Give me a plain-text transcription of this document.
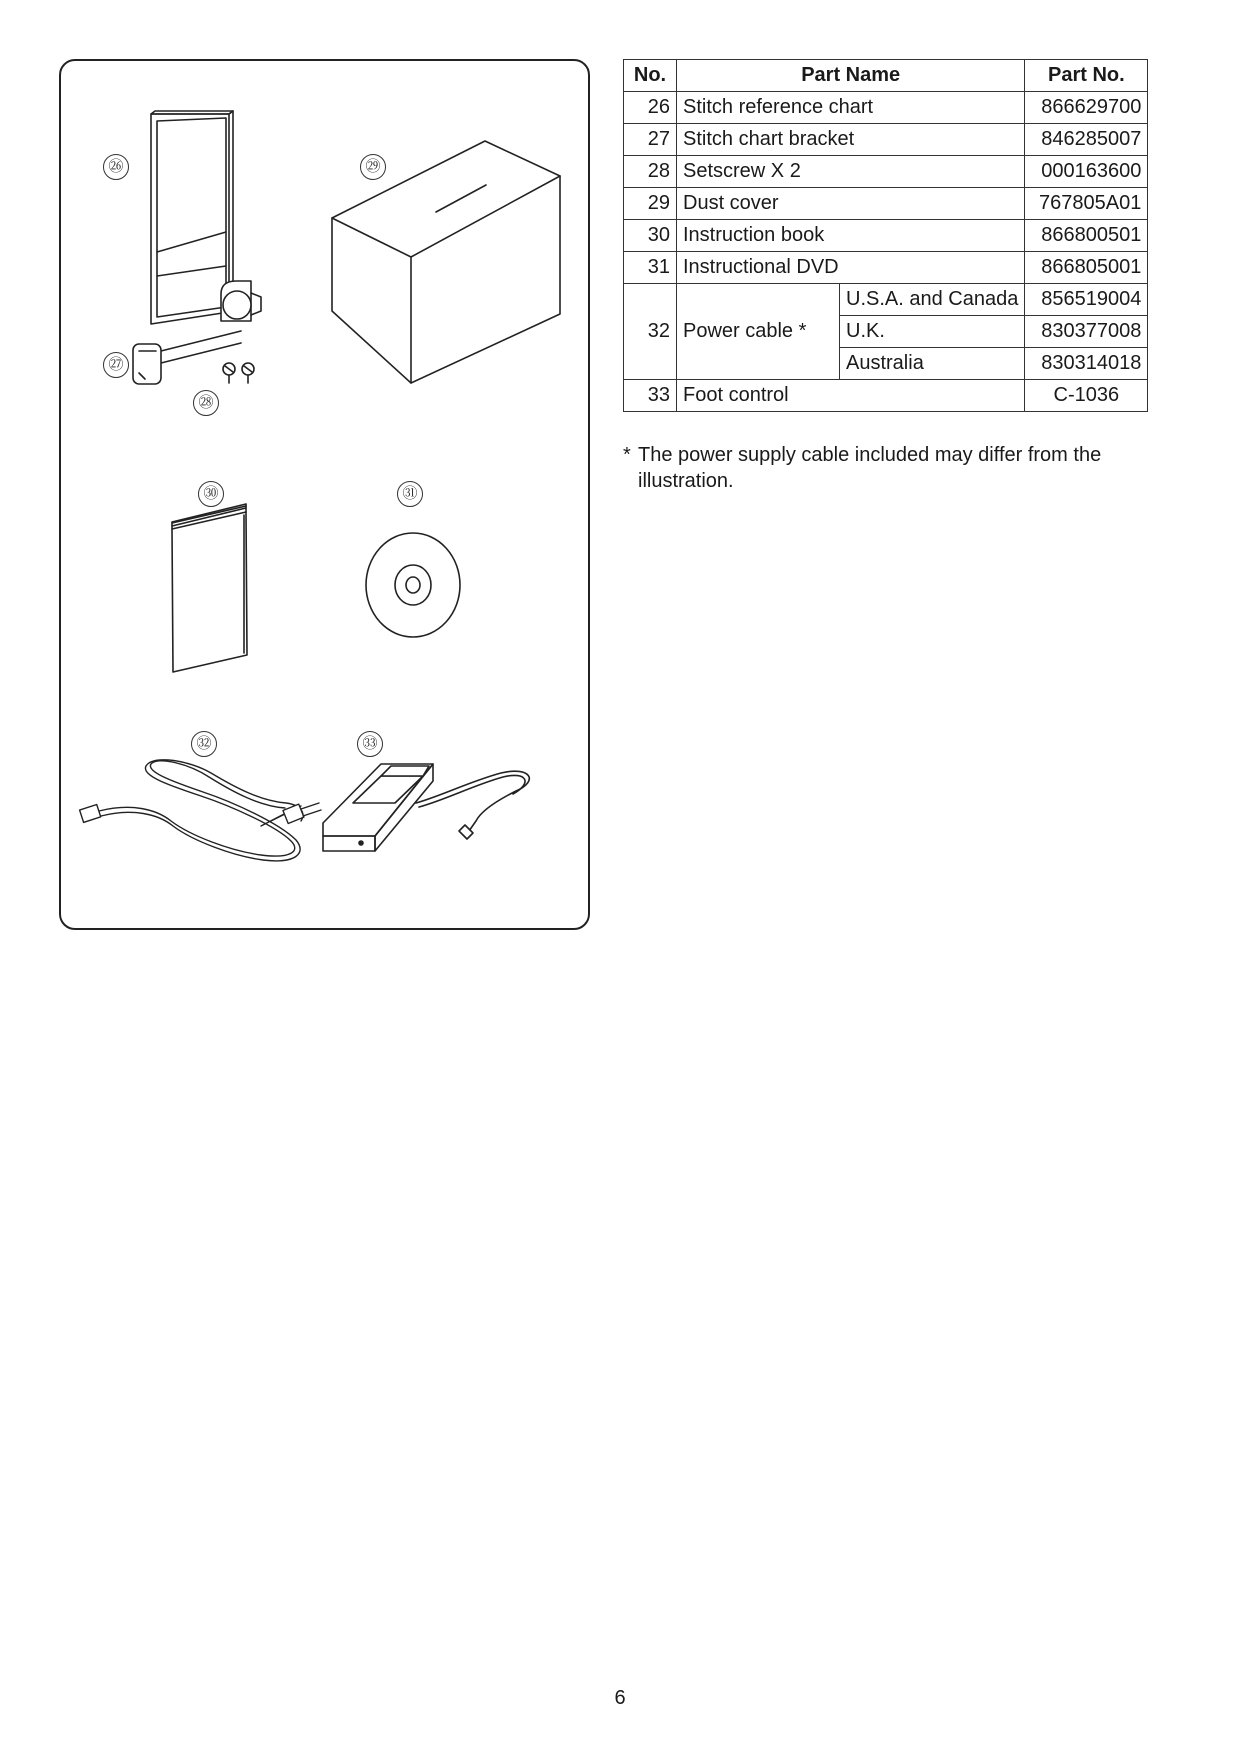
㉖
㉗
㉘
㉙
㉚	㉛
㉜	㉝
No.	Part Name		Part No.
26	Stitch reference chart		866629700
27	Stitch chart bracket		846285007
28	Setscrew X 2		000163600
29	Dust cover		767805A01
30	Instruction book		866800501
31	Instructional DVD		866805001
32	Power cable *	U.S.A. and Canada	856519004
		U.K.	830377008
		Australia	830314018
33	Foot control		C-1036
* The power supply cable included may differ from the illustration.
6
